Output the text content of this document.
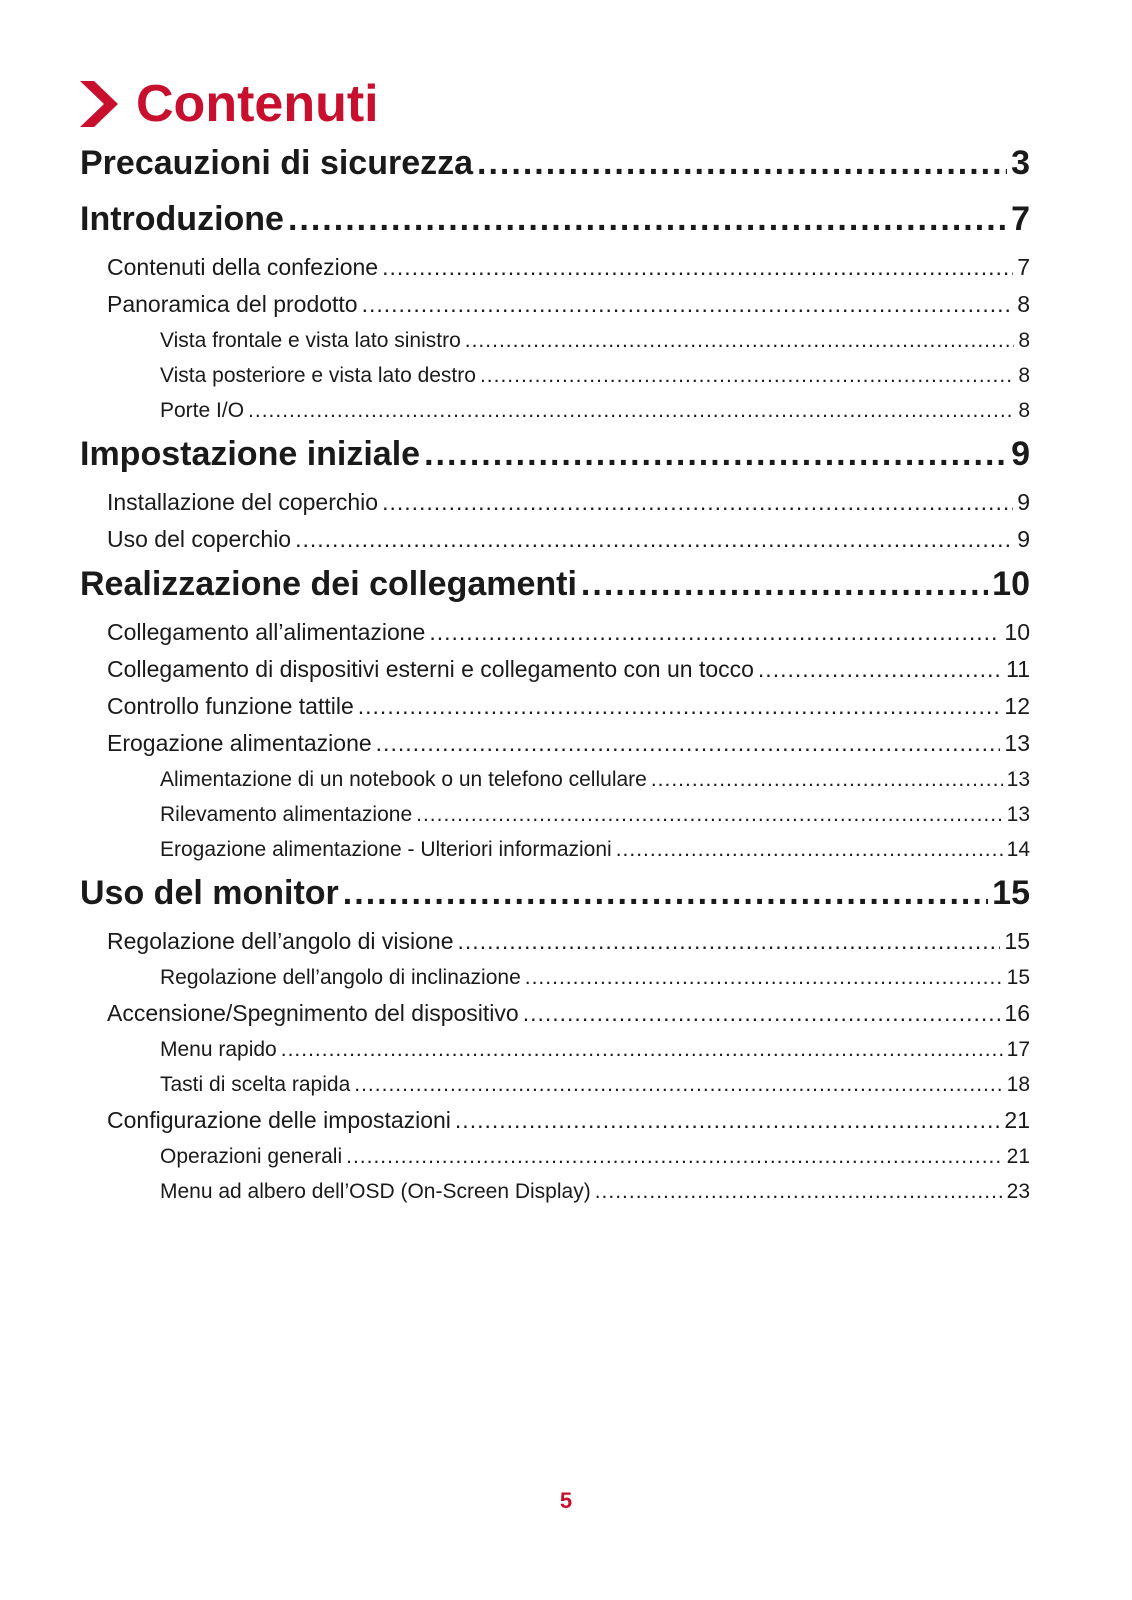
Contenuti
Precauzioni di sicurezza .....	3
Introduzione .....	7
Contenuti della confezione .....	7
Panoramica del prodotto .....	8
Vista frontale e vista lato sinistro .....	8
Vista posteriore e vista lato destro .....	8
Porte I/O .....	8
Impostazione iniziale .....	9
Installazione del coperchio .....	9
Uso del coperchio .....	9
Realizzazione dei collegamenti .....	10
Collegamento all’alimentazione .....	10
Collegamento di dispositivi esterni e collegamento con un tocco .....	11
Controllo funzione tattile .....	12
Erogazione alimentazione .....	13
Alimentazione di un notebook o un telefono cellulare .....	13
Rilevamento alimentazione .....	13
Erogazione alimentazione - Ulteriori informazioni .....	14
Uso del monitor .....	15
Regolazione dell’angolo di visione .....	15
Regolazione dell’angolo di inclinazione .....	15
Accensione/Spegnimento del dispositivo .....	16
Menu rapido .....	17
Tasti di scelta rapida .....	18
Configurazione delle impostazioni .....	21
Operazioni generali .....	21
Menu ad albero dell’OSD (On-Screen Display) .....	23
5
